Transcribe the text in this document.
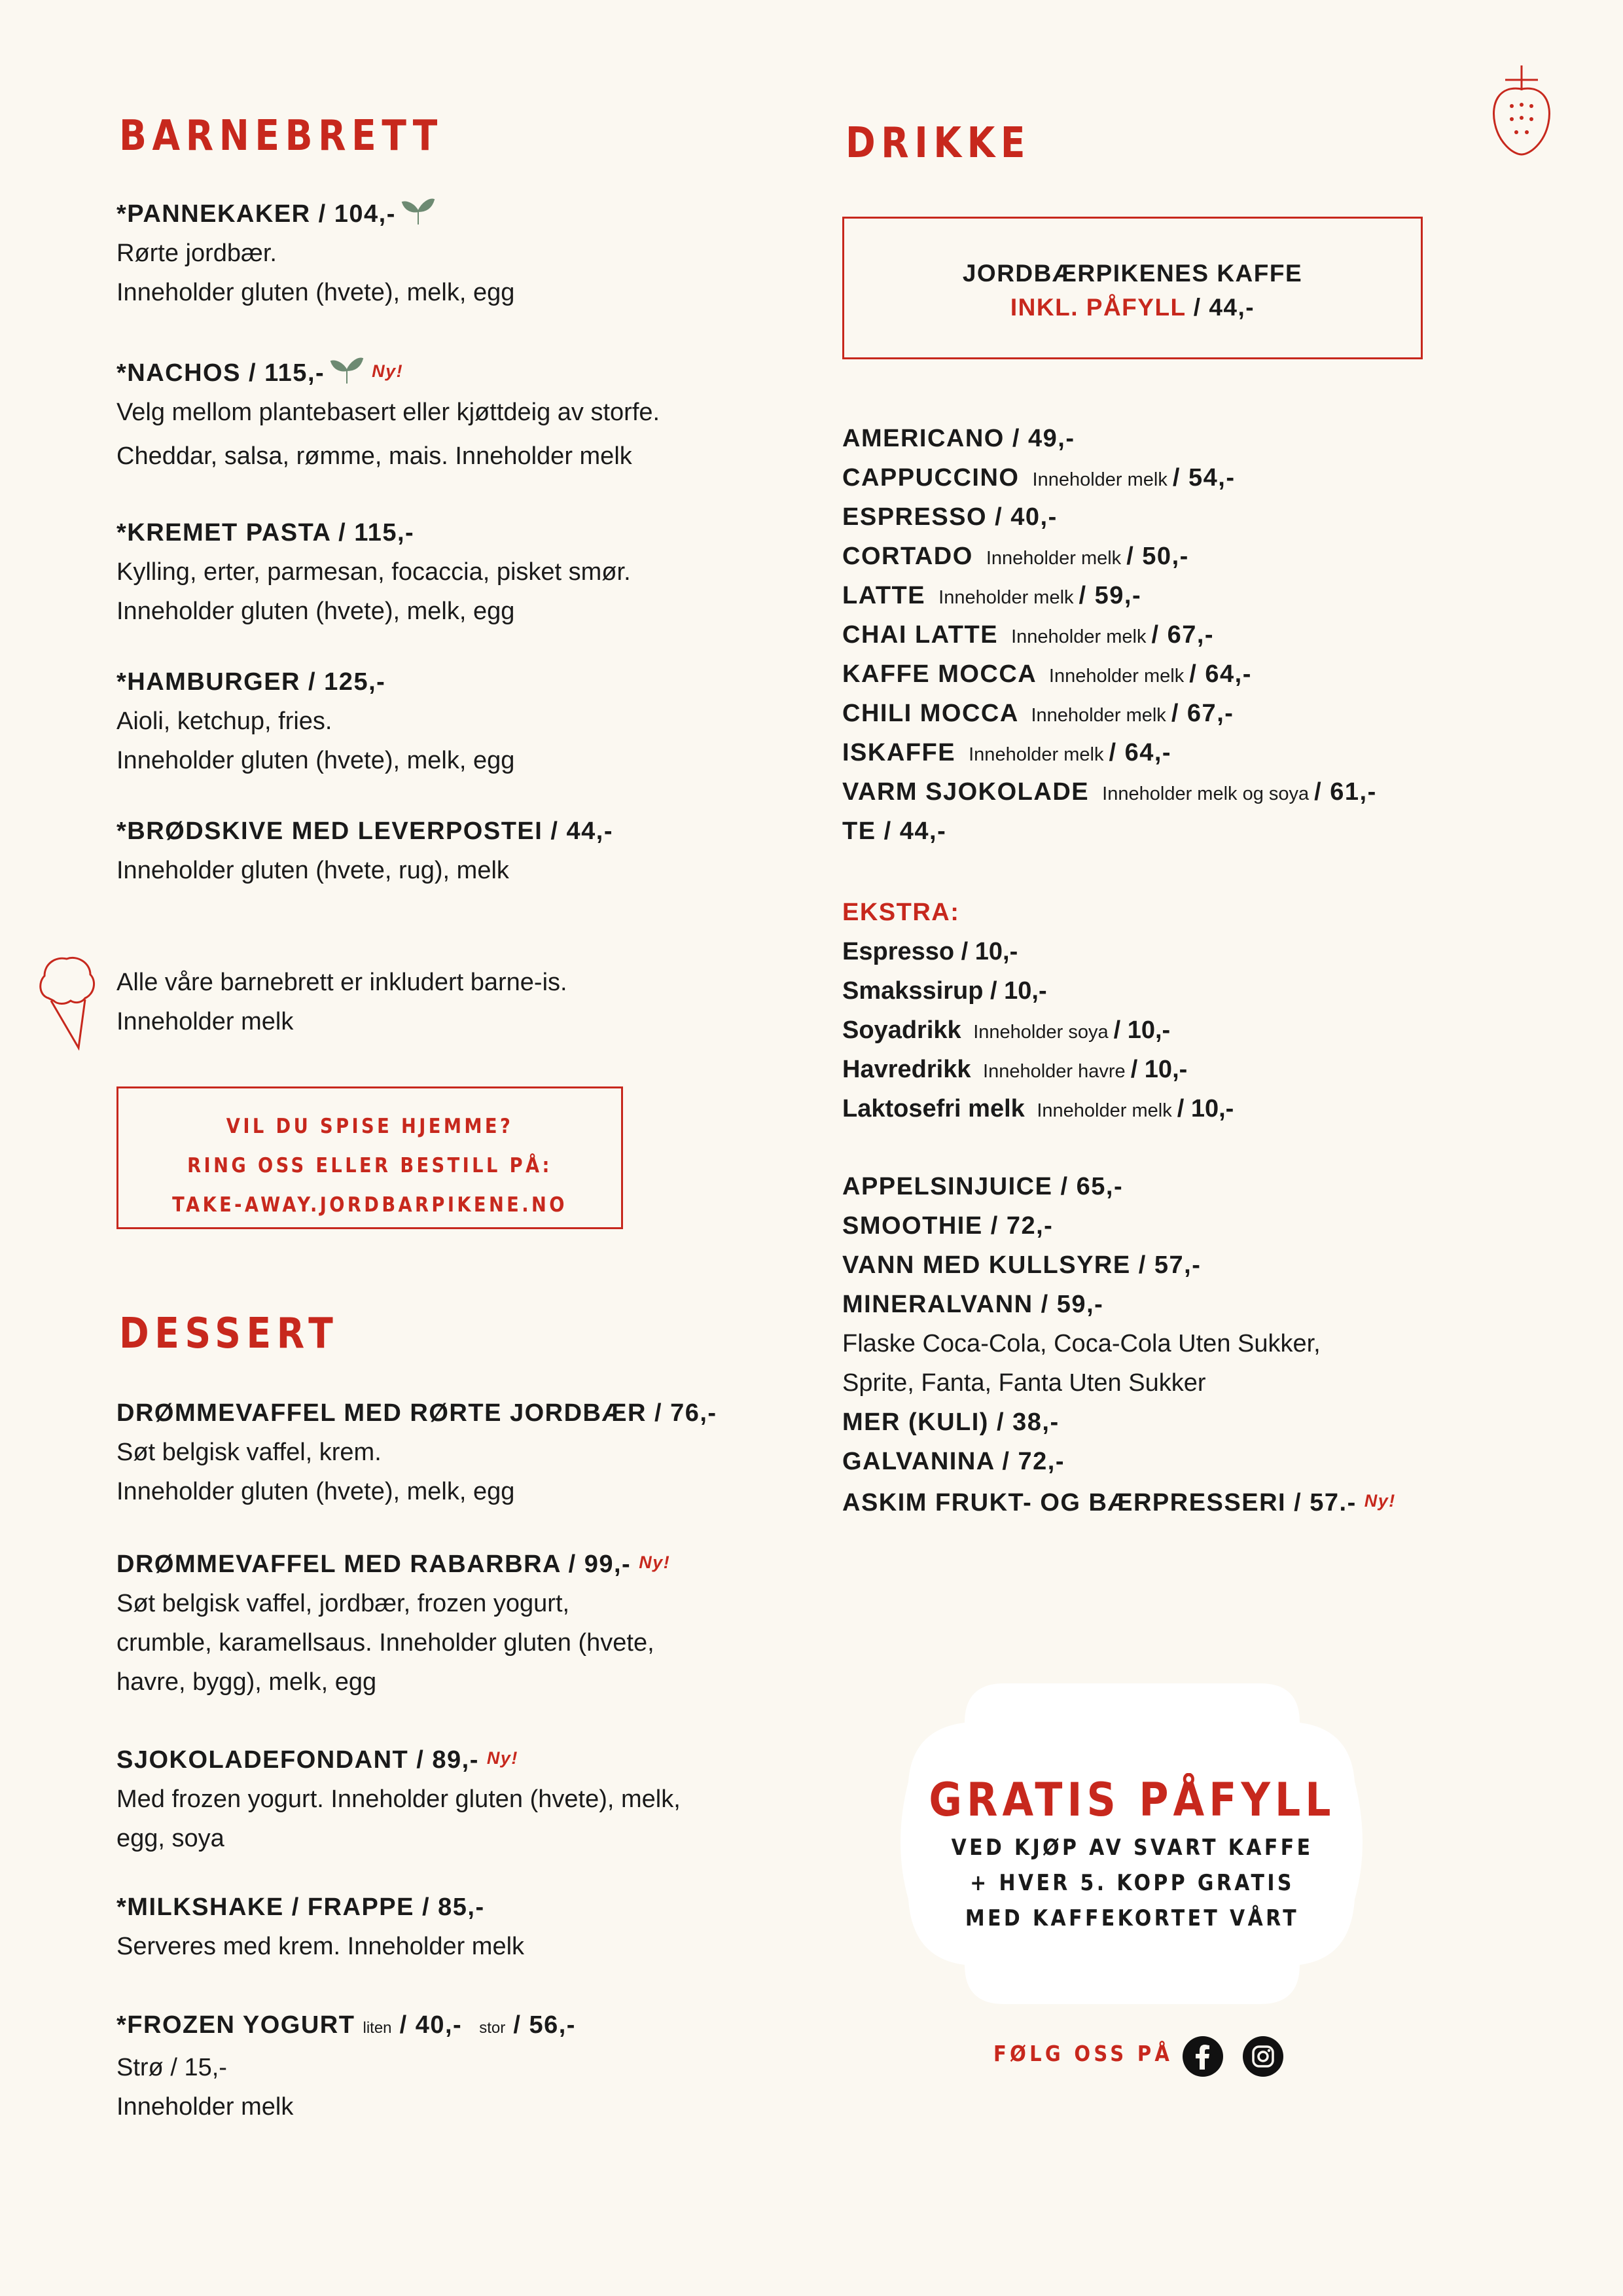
BARNEBRETT
*PANNEKAKER / 104,-
Rørte jordbær.
Inneholder gluten (hvete), melk, egg
*NACHOS / 115,-	Ny!
Velg mellom plantebasert eller kjøttdeig av storfe.
Cheddar, salsa, rømme, mais. Inneholder melk
*KREMET PASTA / 115,-
Kylling, erter, parmesan, focaccia, pisket smør.
Inneholder gluten (hvete), melk, egg
*HAMBURGER / 125,-
Aioli, ketchup, fries.
Inneholder gluten (hvete), melk, egg
*BRØDSKIVE MED LEVERPOSTEI / 44,-
Inneholder gluten (hvete, rug), melk
Alle våre barnebrett er inkludert barne-is.
Inneholder melk
VIL DU SPISE HJEMME?
RING OSS ELLER BESTILL PÅ:
TAKE-AWAY.JORDBARPIKENE.NO
DESSERT
DRØMMEVAFFEL MED RØRTE JORDBÆR / 76,-
Søt belgisk vaffel, krem.
Inneholder gluten (hvete), melk, egg
DRØMMEVAFFEL MED RABARBRA / 99,- Ny!
Søt belgisk vaffel, jordbær, frozen yogurt,
crumble, karamellsaus. Inneholder gluten (hvete,
havre, bygg), melk, egg
SJOKOLADEFONDANT / 89,- Ny!
Med frozen yogurt. Inneholder gluten (hvete), melk,
egg, soya
*MILKSHAKE / FRAPPE / 85,-
Serveres med krem. Inneholder melk
*FROZEN YOGURT liten / 40,- stor / 56,-
Strø / 15,-
Inneholder melk
DRIKKE
JORDBÆRPIKENES KAFFE
INKL. PÅFYLL / 44,-
AMERICANO / 49,-
CAPPUCCINO Inneholder melk / 54,-
ESPRESSO / 40,-
CORTADO Inneholder melk / 50,-
LATTE Inneholder melk / 59,-
CHAI LATTE Inneholder melk / 67,-
KAFFE MOCCA Inneholder melk / 64,-
CHILI MOCCA Inneholder melk / 67,-
ISKAFFE Inneholder melk / 64,-
VARM SJOKOLADE Inneholder melk og soya / 61,-
TE / 44,-
EKSTRA:
Espresso / 10,-
Smakssirup / 10,-
Soyadrikk Inneholder soya / 10,-
Havredrikk Inneholder havre / 10,-
Laktosefri melk Inneholder melk / 10,-
APPELSINJUICE / 65,-
SMOOTHIE / 72,-
VANN MED KULLSYRE / 57,-
MINERALVANN / 59,-
Flaske Coca-Cola, Coca-Cola Uten Sukker,
Sprite, Fanta, Fanta Uten Sukker
MER (KULI) / 38,-
GALVANINA / 72,-
ASKIM FRUKT- OG BÆRPRESSERI / 57.- Ny!
GRATIS PÅFYLL
VED KJØP AV SVART KAFFE
+ HVER 5. KOPP GRATIS
MED KAFFEKORTET VÅRT
FØLG OSS PÅ
